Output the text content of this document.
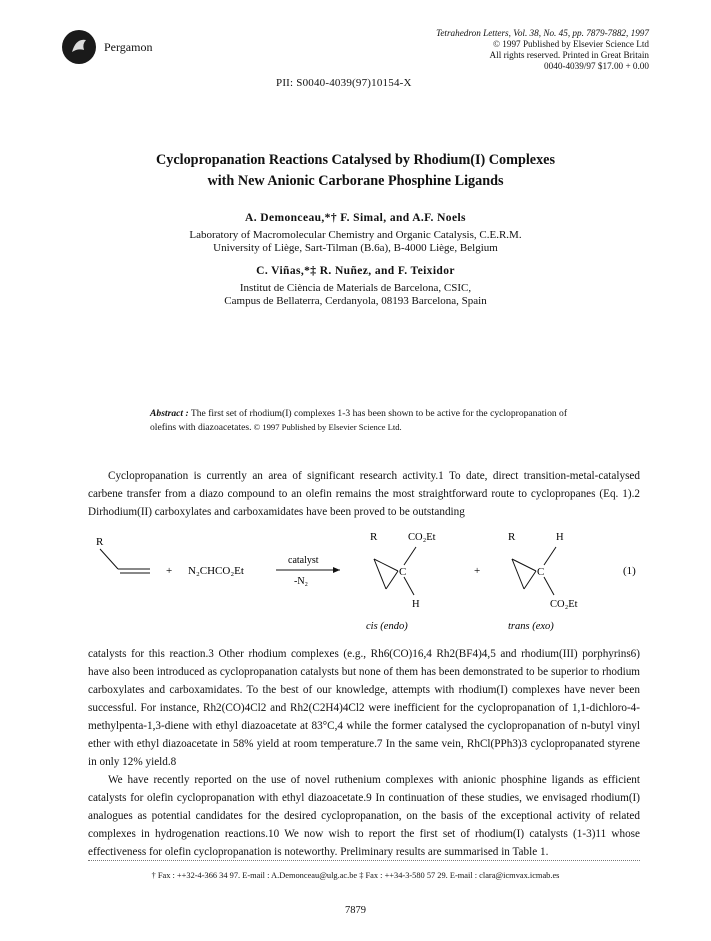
Pergamon
Tetrahedron Letters, Vol. 38, No. 45, pp. 7879-7882, 1997
© 1997 Published by Elsevier Science Ltd
All rights reserved. Printed in Great Britain
0040-4039/97 $17.00 + 0.00
PII: S0040-4039(97)10154-X
Cyclopropanation Reactions Catalysed by Rhodium(I) Complexes
with New Anionic Carborane Phosphine Ligands
A. Demonceau,*† F. Simal, and A.F. Noels
Laboratory of Macromolecular Chemistry and Organic Catalysis, C.E.R.M.
University of Liège, Sart-Tilman (B.6a), B-4000 Liège, Belgium
C. Viñas,*‡ R. Nuñez, and F. Teixidor
Institut de Ciència de Materials de Barcelona, CSIC,
Campus de Bellaterra, Cerdanyola, 08193 Barcelona, Spain
Abstract : The first set of rhodium(I) complexes 1-3 has been shown to be active for the cyclopropanation of olefins with diazoacetates. © 1997 Published by Elsevier Science Ltd.

Cyclopropanation is currently an area of significant research activity.1 To date, direct transition-metal-catalysed carbene transfer from a diazo compound to an olefin remains the most straightforward route to cyclopropanes (Eq. 1).2 Dirhodium(II) carboxylates and carboxamidates have been proved to be outstanding

R
+ N₂CHCO₂Et
catalyst
-N₂
R	CO₂Et
C
H
+
R	H
C
CO₂Et
(1)
cis (endo)	trans (exo)

catalysts for this reaction.3 Other rhodium complexes (e.g., Rh6(CO)16,4 Rh2(BF4)4,5 and rhodium(III) porphyrins6) have also been introduced as cyclopropanation catalysts but none of them has been demonstrated to be superior to rhodium carboxylates and carboxamidates. To the best of our knowledge, attempts with rhodium(I) complexes have never been successful. For instance, Rh2(CO)4Cl2 and Rh2(C2H4)4Cl2 were inefficient for the cyclopropanation of 1,1-dichloro-4-methylpenta-1,3-diene with ethyl diazoacetate at 83°C,4 while the former catalysed the cyclopropanation of n-butyl vinyl ether with ethyl diazoacetate in 58% yield at room temperature.7 In the same vein, RhCl(PPh3)3 cyclopropanated styrene in only 12% yield.8

We have recently reported on the use of novel ruthenium complexes with anionic phosphine ligands as efficient catalysts for olefin cyclopropanation with ethyl diazoacetate.9 In continuation of these studies, we envisaged rhodium(I) analogues as potential candidates for the desired cyclopropanation, on the basis of the exceptional activity of related complexes in hydrogenation reactions.10 We now wish to report the first set of rhodium(I) catalysts (1-3)11 whose effectiveness for olefin cyclopropanation is noteworthy. Preliminary results are summarised in Table 1.

† Fax : ++32-4-366 34 97. E-mail : A.Demonceau@ulg.ac.be ‡ Fax : ++34-3-580 57 29. E-mail : clara@icmvax.icmab.es
7879
